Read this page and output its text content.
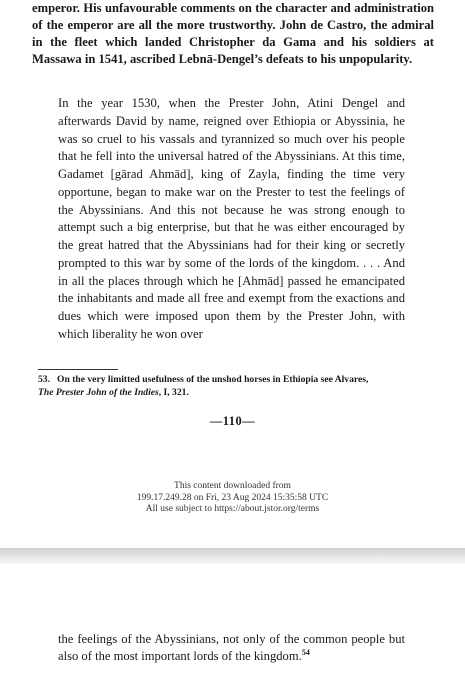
emperor. His unfavourable comments on the character and administration of the emperor are all the more trustworthy. John de Castro, the admiral in the fleet which landed Christopher da Gama and his soldiers at Massawa in 1541, ascribed Lebnā-Dengel’s defeats to his unpopularity.

In the year 1530, when the Prester John, Atini Dengel and afterwards David by name, reigned over Ethiopia or Abyssinia, he was so cruel to his vassals and tyrannized so much over his people that he fell into the universal hatred of the Abyssinians. At this time, Gadamet [gārad Ahmād], king of Zayla, finding the time very opportune, began to make war on the Prester to test the feelings of the Abyssinians. And this not because he was strong enough to attempt such a big enterprise, but that he was either encouraged by the great hatred that the Abyssinians had for their king or secretly prompted to this war by some of the lords of the kingdom. . . . And in all the places through which he [Ahmād] passed he emancipated the inhabitants and made all free and exempt from the exactions and dues which were imposed upon them by the Prester John, with which liberality he won over

53. On the very limitted usefulness of the unshod horses in Ethiopia see Alvares,
The Prester John of the Indies, I, 321.

—110—
This content downloaded from
199.17.249.28 on Fri, 23 Aug 2024 15:35:58 UTC
All use subject to https://about.jstor.org/terms

the feelings of the Abyssinians, not only of the common people but also of the most important lords of the kingdom.$^{54}$
